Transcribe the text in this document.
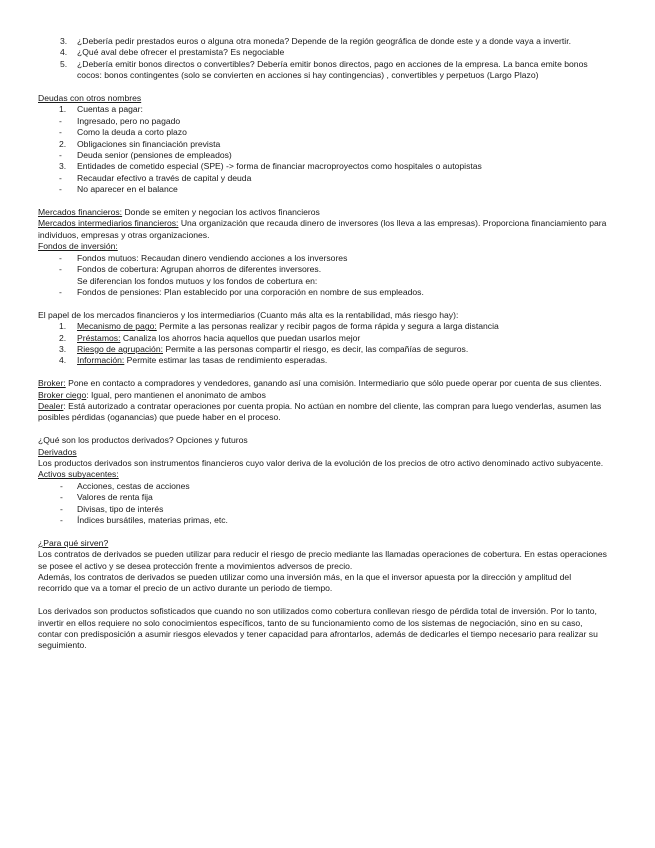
3.	¿Debería pedir prestados euros o alguna otra moneda? Depende de la región geográfica de donde este y a donde vaya a invertir.
4.	¿Qué aval debe ofrecer el prestamista? Es negociable
5.	¿Debería emitir bonos directos o convertibles? Debería emitir bonos directos, pago en acciones de la empresa. La banca emite bonos cocos: bonos contingentes (solo se convierten en acciones si hay contingencias) , convertibles y perpetuos (Largo Plazo)

Deudas con otros nombres

1.	Cuentas a pagar:
-	Ingresado, pero no pagado
-	Como la deuda a corto plazo
2.	Obligaciones sin financiación prevista
-	Deuda senior (pensiones de empleados)
3.	Entidades de cometido especial (SPE) -> forma de financiar macroproyectos como hospitales o autopistas
-	Recaudar efectivo a través de capital y deuda
-	No aparecer en el balance

Mercados financieros: Donde se emiten y negocian los activos financieros

Mercados intermediarios financieros: Una organización que recauda dinero de inversores (los lleva a las empresas). Proporciona financiamiento para individuos, empresas y otras organizaciones.

Fondos de inversión:

-	Fondos mutuos: Recaudan dinero vendiendo acciones a los inversores
-	Fondos de cobertura: Agrupan ahorros de diferentes inversores.

Se diferencian los fondos mutuos y los fondos de cobertura en:

-	Fondos de pensiones: Plan establecido por una corporación en nombre de sus empleados.

El papel de los mercados financieros y los intermediarios (Cuanto más alta es la rentabilidad, más riesgo hay):

1.	Mecanismo de pago: Permite a las personas realizar y recibir pagos de forma rápida y segura a larga distancia
2.	Préstamos: Canaliza los ahorros hacia aquellos que puedan usarlos mejor
3.	Riesgo de agrupación: Permite a las personas compartir el riesgo, es decir, las compañías de seguros.
4.	Información: Permite estimar las tasas de rendimiento esperadas.

Broker: Pone en contacto a compradores y vendedores, ganando así una comisión. Intermediario que sólo puede operar por cuenta de sus clientes.

Broker ciego: Igual, pero mantienen el anonimato de ambos

Dealer: Está autorizado a contratar operaciones por cuenta propia. No actúan en nombre del cliente, las compran para luego venderlas, asumen las posibles pérdidas (oganancias) que puede haber en el proceso.

¿Qué son los productos derivados? Opciones y futuros

Derivados

Los productos derivados son instrumentos financieros cuyo valor deriva de la evolución de los precios de otro activo denominado activo subyacente.

Activos subyacentes:

-	Acciones, cestas de acciones
-	Valores de renta fija
-	Divisas, tipo de interés
-	Índices bursátiles, materias primas, etc.

¿Para qué sirven?

Los contratos de derivados se pueden utilizar para reducir el riesgo de precio mediante las llamadas operaciones de cobertura. En estas operaciones se posee el activo y se desea protección frente a movimientos adversos de precio.

Además, los contratos de derivados se pueden utilizar como una inversión más, en la que el inversor apuesta por la dirección y amplitud del recorrido que va a tomar el precio de un activo durante un periodo de tiempo.

Los derivados son productos sofisticados que cuando no son utilizados como cobertura conllevan riesgo de pérdida total de inversión. Por lo tanto, invertir en ellos requiere no solo conocimientos específicos, tanto de su funcionamiento como de los sistemas de negociación, sino en su caso, contar con predisposición a asumir riesgos elevados y tener capacidad para afrontarlos, además de dedicarles el tiempo necesario para realizar su seguimiento.
